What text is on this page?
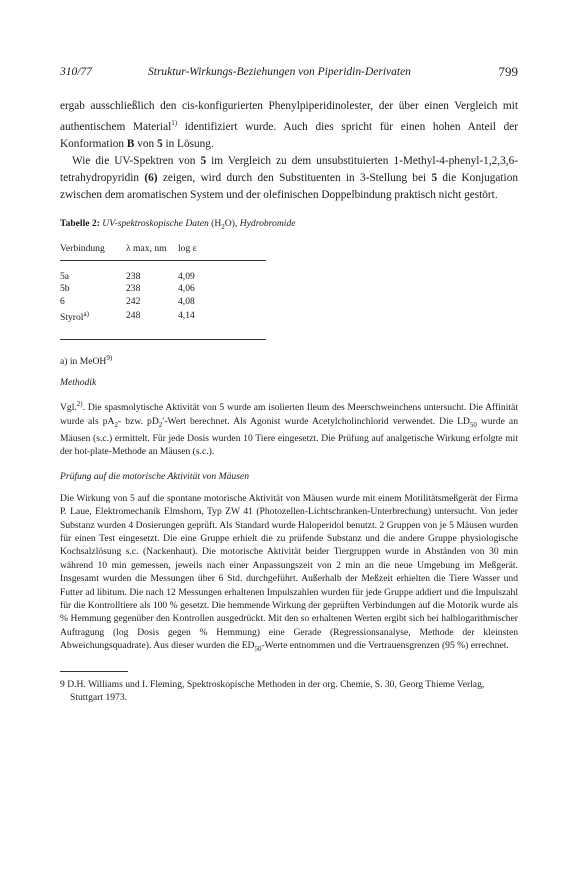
310/77	Struktur-Wirkungs-Beziehungen von Piperidin-Derivaten	799

ergab ausschließlich den cis-konfigurierten Phenylpiperidinolester, der über einen Vergleich mit authentischem Material$^{1)}$ identifiziert wurde. Auch dies spricht für einen hohen Anteil der Konformation B von 5 in Lösung.

Wie die UV-Spektren von 5 im Vergleich zu dem unsubstituierten 1-Methyl-4-phenyl-1,2,3,6-tetrahydropyridin (6) zeigen, wird durch den Substituenten in 3-Stellung bei 5 die Konjugation zwischen dem aromatischen System und der olefinischen Doppelbindung praktisch nicht gestört.

Tabelle 2: UV-spektroskopische Daten $(H_2O)$, Hydrobromide
Verbindung	λ max, nm	log ε
5a	238	4,09
5b	238	4,06
6	242	4,08
Styrol$^{a)}$	248	4,14
a) in MeOH$^{9)}$
Methodik

Vgl.$^{2)}$. Die spasmolytische Aktivität von 5 wurde am isolierten Ileum des Meerschweinchens untersucht. Die Affinität wurde als $pA_2-$ bzw. $pD_2'$-Wert berechnet. Als Agonist wurde Acetylcholinchlorid verwendet. Die $LD_{50}$ wurde an Mäusen (s.c.) ermittelt. Für jede Dosis wurden 10 Tiere eingesetzt. Die Prüfung auf analgetische Wirkung erfolgte mit der hot-plate-Methode an Mäusen (s.c.).

Prüfung auf die motorische Aktivität von Mäusen

Die Wirkung von 5 auf die spontane motorische Aktivität von Mäusen wurde mit einem Motilitätsmeßgerät der Firma P. Laue, Elektromechanik Elmshorn, Typ ZW 41 (Photozellen-Lichtschranken-Unterbrechung) untersucht. Von jeder Substanz wurden 4 Dosierungen geprüft. Als Standard wurde Haloperidol benutzt. 2 Gruppen von je 5 Mäusen wurden für einen Test eingesetzt. Die eine Gruppe erhielt die zu prüfende Substanz und die andere Gruppe physiologische Kochsalzlösung s.c. (Nackenhaut). Die motorische Aktivität beider Tiergruppen wurde in Abständen von 30 min während 10 min gemessen, jeweils nach einer Anpassungszeit von 2 min an die neue Umgebung im Meßgerät. Insgesamt wurden die Messungen über 6 Std. durchgeführt. Außerhalb der Meßzeit erhielten die Tiere Wasser und Futter ad libitum. Die nach 12 Messungen erhaltenen Impulszahlen wurden für jede Gruppe addiert und die Impulszahl für die Kontrolltiere als 100 % gesetzt. Die hemmende Wirkung der geprüften Verbindungen auf die Motorik wurde als % Hemmung gegenüber den Kontrollen ausgedrückt. Mit den so erhaltenen Werten ergibt sich bei halblogarithmischer Auftragung (log Dosis gegen % Hemmung) eine Gerade (Regressionsanalyse, Methode der kleinsten Abweichungsquadrate). Aus dieser wurden die $ED_{50}$-Werte entnommen und die Vertrauensgrenzen (95 %) errechnet.

9 D.H. Williams und I. Fleming, Spektroskopische Methoden in der org. Chemie, S. 30, Georg Thieme Verlag, Stuttgart 1973.
